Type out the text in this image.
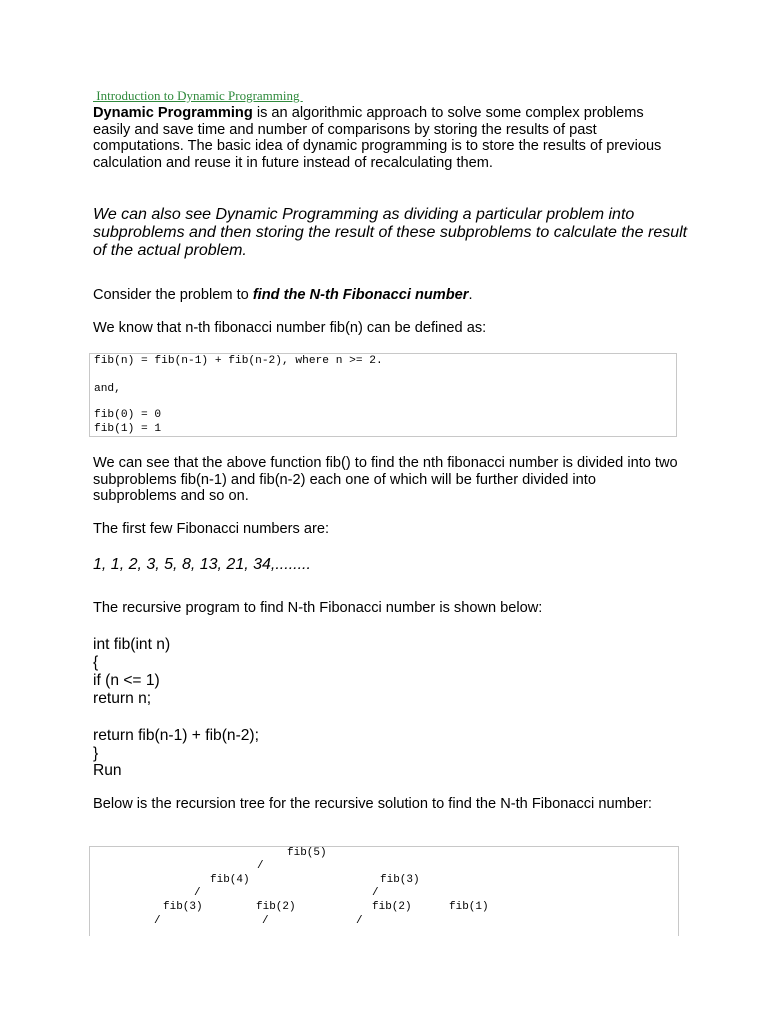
Introduction to Dynamic Programming
Dynamic Programming is an algorithmic approach to solve some complex problems easily and save time and number of comparisons by storing the results of past computations. The basic idea of dynamic programming is to store the results of previous calculation and reuse it in future instead of recalculating them.
We can also see Dynamic Programming as dividing a particular problem into subproblems and then storing the result of these subproblems to calculate the result of the actual problem.
Consider the problem to find the N-th Fibonacci number.
We know that n-th fibonacci number fib(n) can be defined as:
fib(n) = fib(n-1) + fib(n-2), where n >= 2.
and,
fib(0) = 0
fib(1) = 1
We can see that the above function fib() to find the nth fibonacci number is divided into two subproblems fib(n-1) and fib(n-2) each one of which will be further divided into subproblems and so on.
The first few Fibonacci numbers are:
1, 1, 2, 3, 5, 8, 13, 21, 34,........
The recursive program to find N-th Fibonacci number is shown below:
int fib(int n)
{
if (n <= 1)
return n;
return fib(n-1) + fib(n-2);
}
Run
Below is the recursion tree for the recursive solution to find the N-th Fibonacci number:
fib(5)
/
fib(4)	fib(3)
/	/
fib(3)	fib(2)	fib(2)	fib(1)
/	/	/
